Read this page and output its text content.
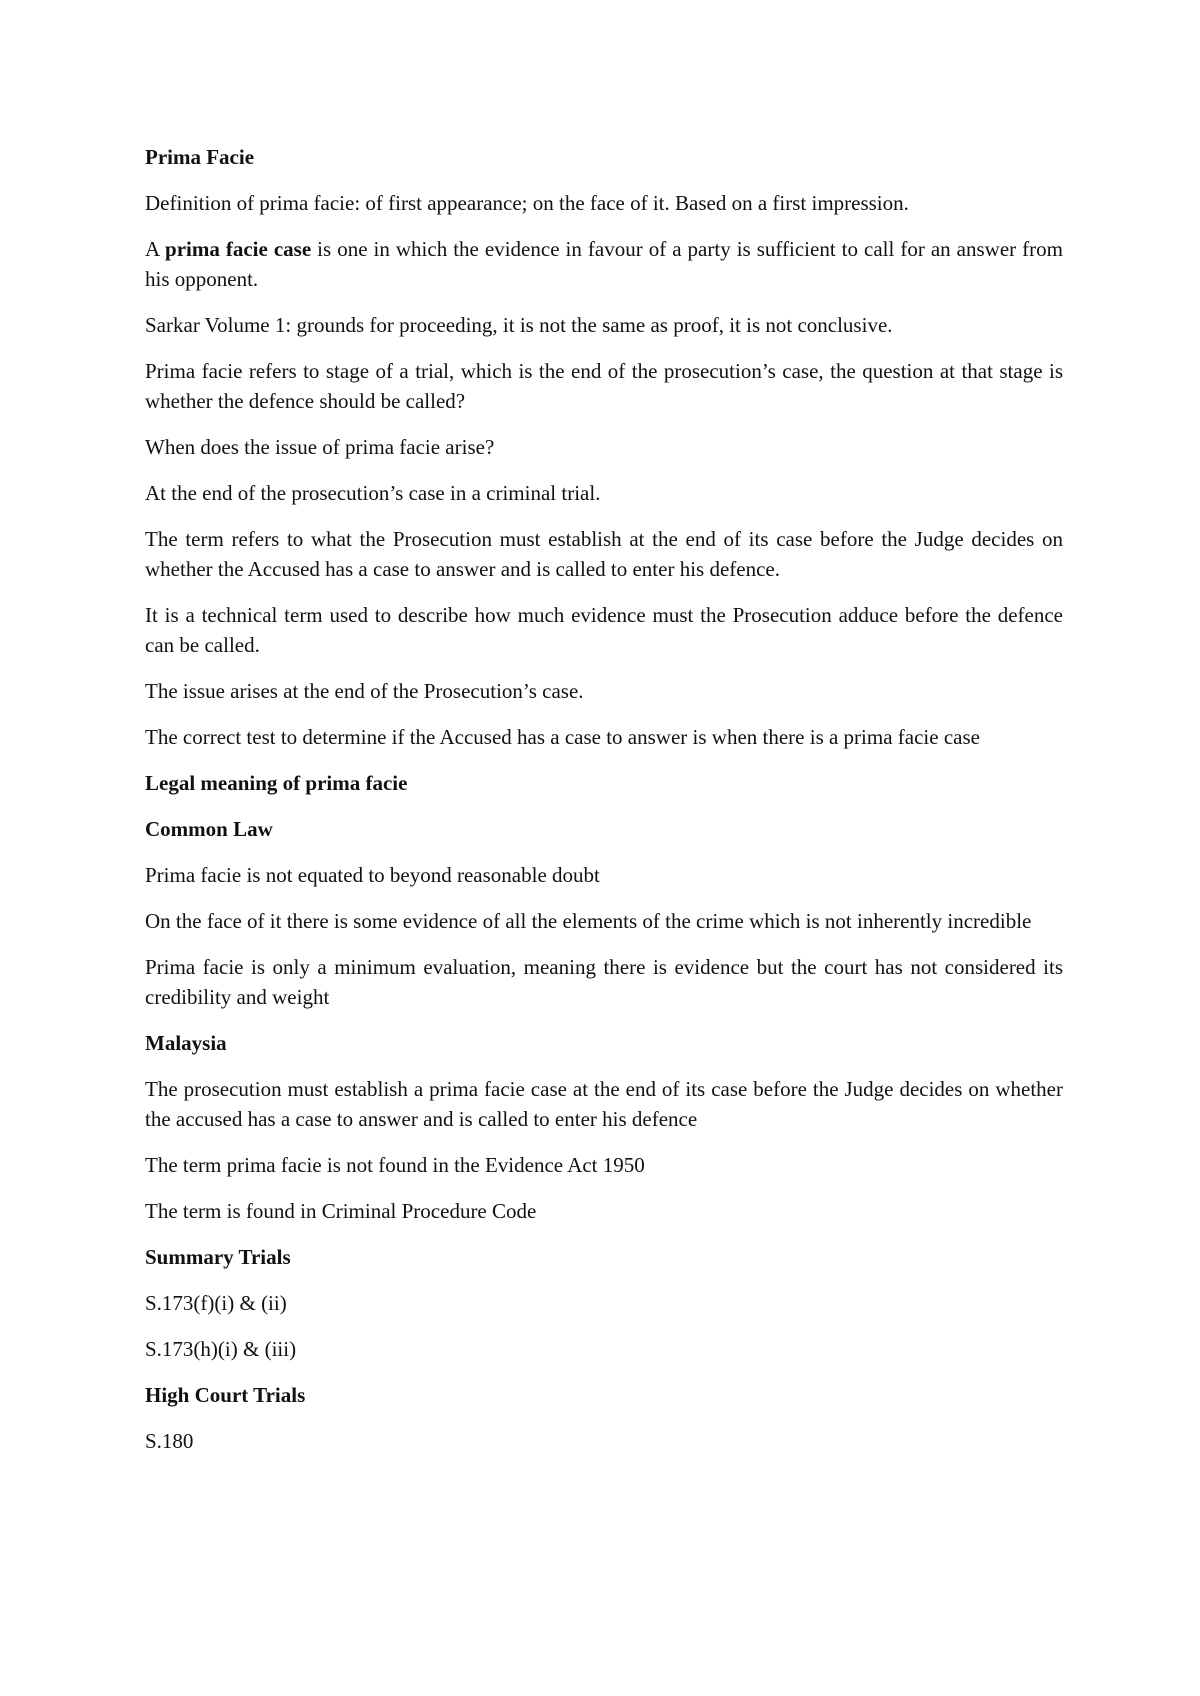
Prima Facie

Definition of prima facie: of first appearance; on the face of it. Based on a first impression.

A prima facie case is one in which the evidence in favour of a party is sufficient to call for an answer from his opponent.

Sarkar Volume 1: grounds for proceeding, it is not the same as proof, it is not conclusive.

Prima facie refers to stage of a trial, which is the end of the prosecution’s case, the question at that stage is whether the defence should be called?

When does the issue of prima facie arise?

At the end of the prosecution’s case in a criminal trial.

The term refers to what the Prosecution must establish at the end of its case before the Judge decides on whether the Accused has a case to answer and is called to enter his defence.

It is a technical term used to describe how much evidence must the Prosecution adduce before the defence can be called.

The issue arises at the end of the Prosecution’s case.

The correct test to determine if the Accused has a case to answer is when there is a prima facie case

Legal meaning of prima facie

Common Law

Prima facie is not equated to beyond reasonable doubt

On the face of it there is some evidence of all the elements of the crime which is not inherently incredible

Prima facie is only a minimum evaluation, meaning there is evidence but the court has not considered its credibility and weight

Malaysia

The prosecution must establish a prima facie case at the end of its case before the Judge decides on whether the accused has a case to answer and is called to enter his defence

The term prima facie is not found in the Evidence Act 1950

The term is found in Criminal Procedure Code

Summary Trials

S.173(f)(i) & (ii)

S.173(h)(i) & (iii)

High Court Trials

S.180
